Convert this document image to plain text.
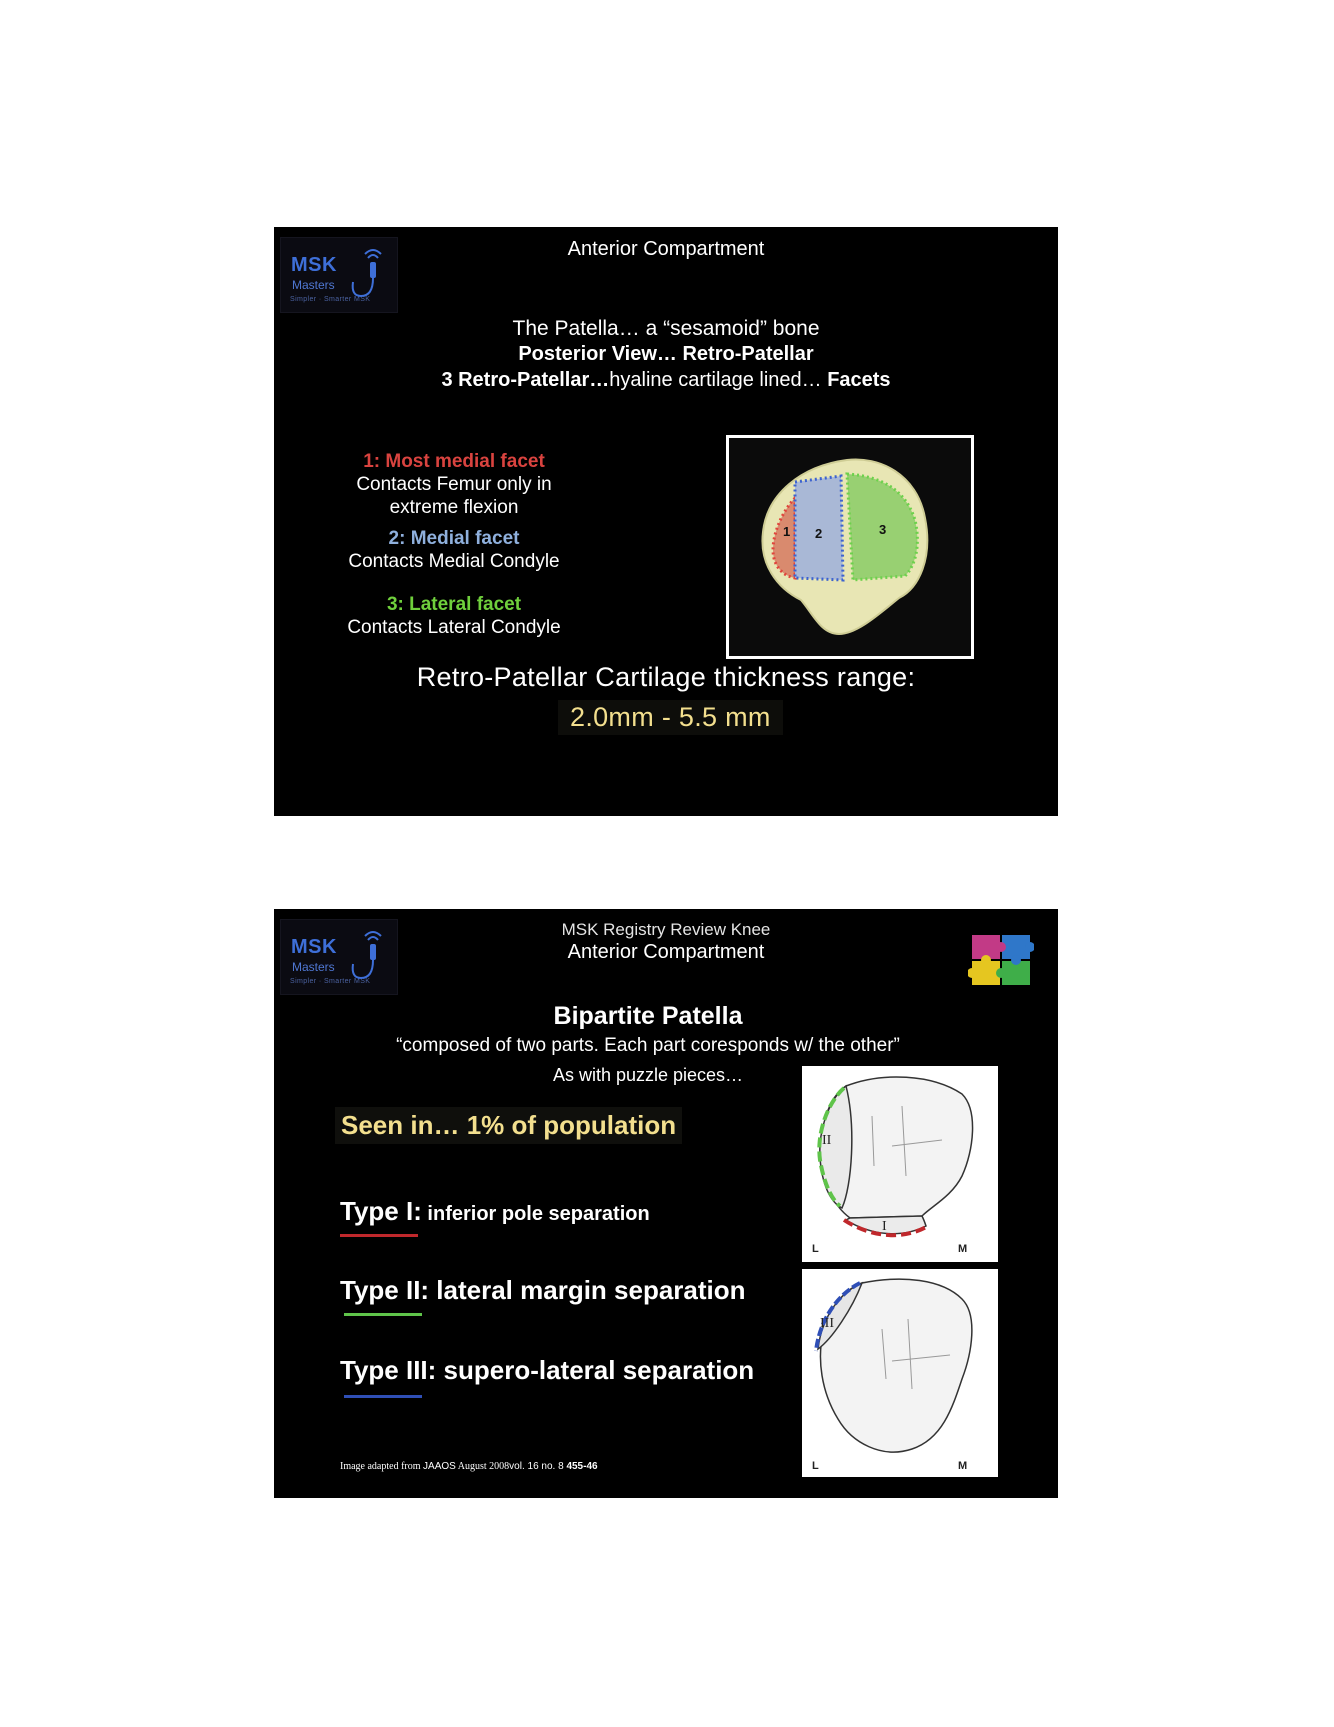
MSK
Masters
Simpler · Smarter MSK
Anterior Compartment
The Patella… a “sesamoid” bone
Posterior View… Retro-Patellar
3 Retro-Patellar…hyaline cartilage lined… Facets
1: Most medial facet
Contacts Femur only in
extreme flexion
2: Medial facet
Contacts Medial Condyle
3: Lateral facet
Contacts Lateral Condyle
1 2	3
Retro-Patellar Cartilage thickness range:
2.0mm - 5.5 mm
MSK
Masters
Simpler · Smarter MSK
MSK Registry Review Knee
Anterior Compartment
Bipartite Patella
“composed of two parts. Each part coresponds w/ the other”
As with puzzle pieces…
Seen in… 1% of population
Type I: inferior pole separation
Type II: lateral margin separation
Type III: supero-lateral separation
II
I
L	M
III
L	M
Image adapted from JAAOS August 2008vol. 16 no. 8 455-46
